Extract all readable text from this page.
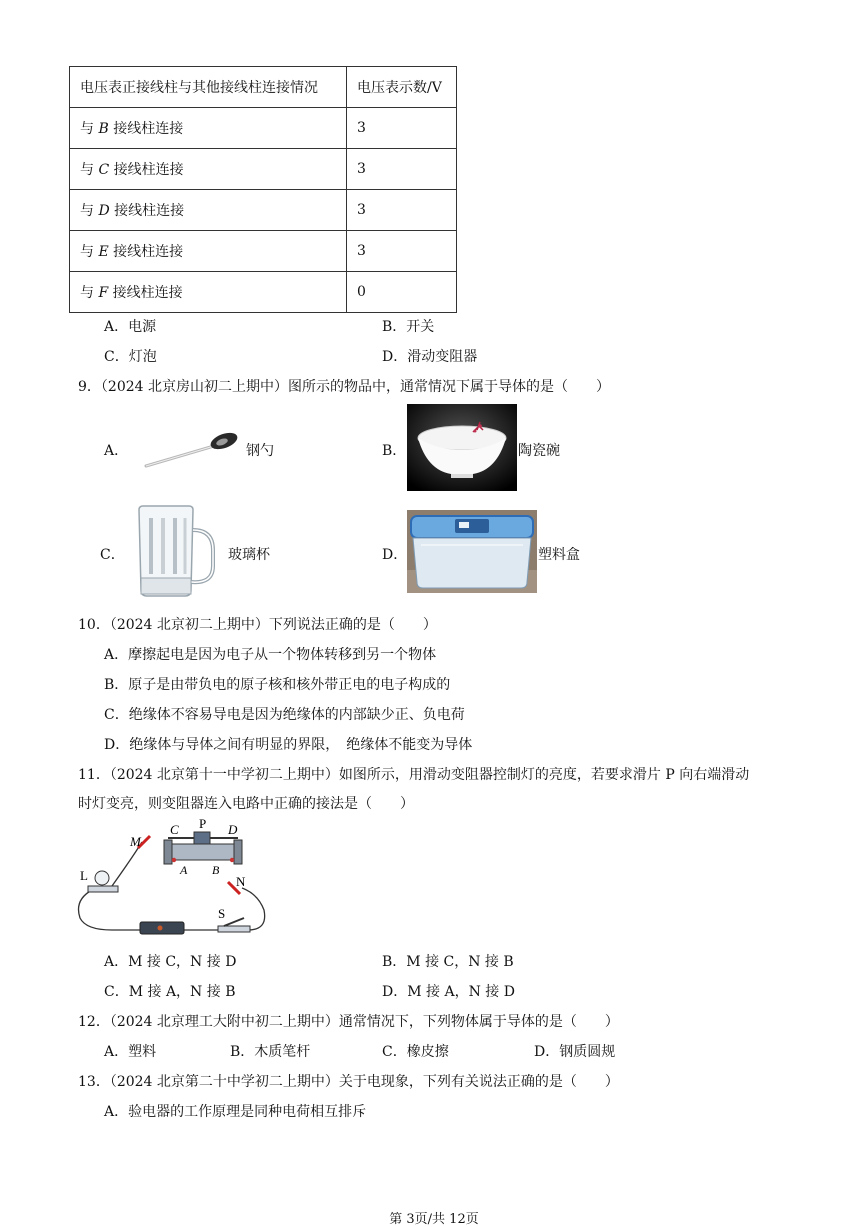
电压表正接线柱与其他接线柱连接情况	电压表示数/V
与 B 接线柱连接	3
与 C 接线柱连接	3
与 D 接线柱连接	3
与 E 接线柱连接	3
与 F 接线柱连接	0
A．电源	B．开关
C．灯泡	D．滑动变阻器
9．（2024 北京房山初二上期中）图所示的物品中，通常情况下属于导体的是（　　）
A．	钢勺	B．	陶瓷碗
C．	玻璃杯	D．	塑料盒
10．（2024 北京初二上期中）下列说法正确的是（　　）
A．摩擦起电是因为电子从一个物体转移到另一个物体
B．原子是由带负电的原子核和核外带正电的电子构成的
C．绝缘体不容易导电是因为绝缘体的内部缺少正、负电荷
D．绝缘体与导体之间有明显的界限，　绝缘体不能变为导体
11．（2024 北京第十一中学初二上期中）如图所示，用滑动变阻器控制灯的亮度，若要求滑片 P 向右端滑动
时灯变亮，则变阻器连入电路中正确的接法是（　　）
C P D
M
A B
L	N
S
A．M 接 C，N 接 D	B．M 接 C，N 接 B
C．M 接 A，N 接 B	D．M 接 A，N 接 D
12．（2024 北京理工大附中初二上期中）通常情况下，下列物体属于导体的是（　　）
A．塑料	B．木质笔杆	C．橡皮擦	D．钢质圆规
13．（2024 北京第二十中学初二上期中）关于电现象，下列有关说法正确的是（　　）
A．验电器的工作原理是同种电荷相互排斥
第 3页/共 12页
